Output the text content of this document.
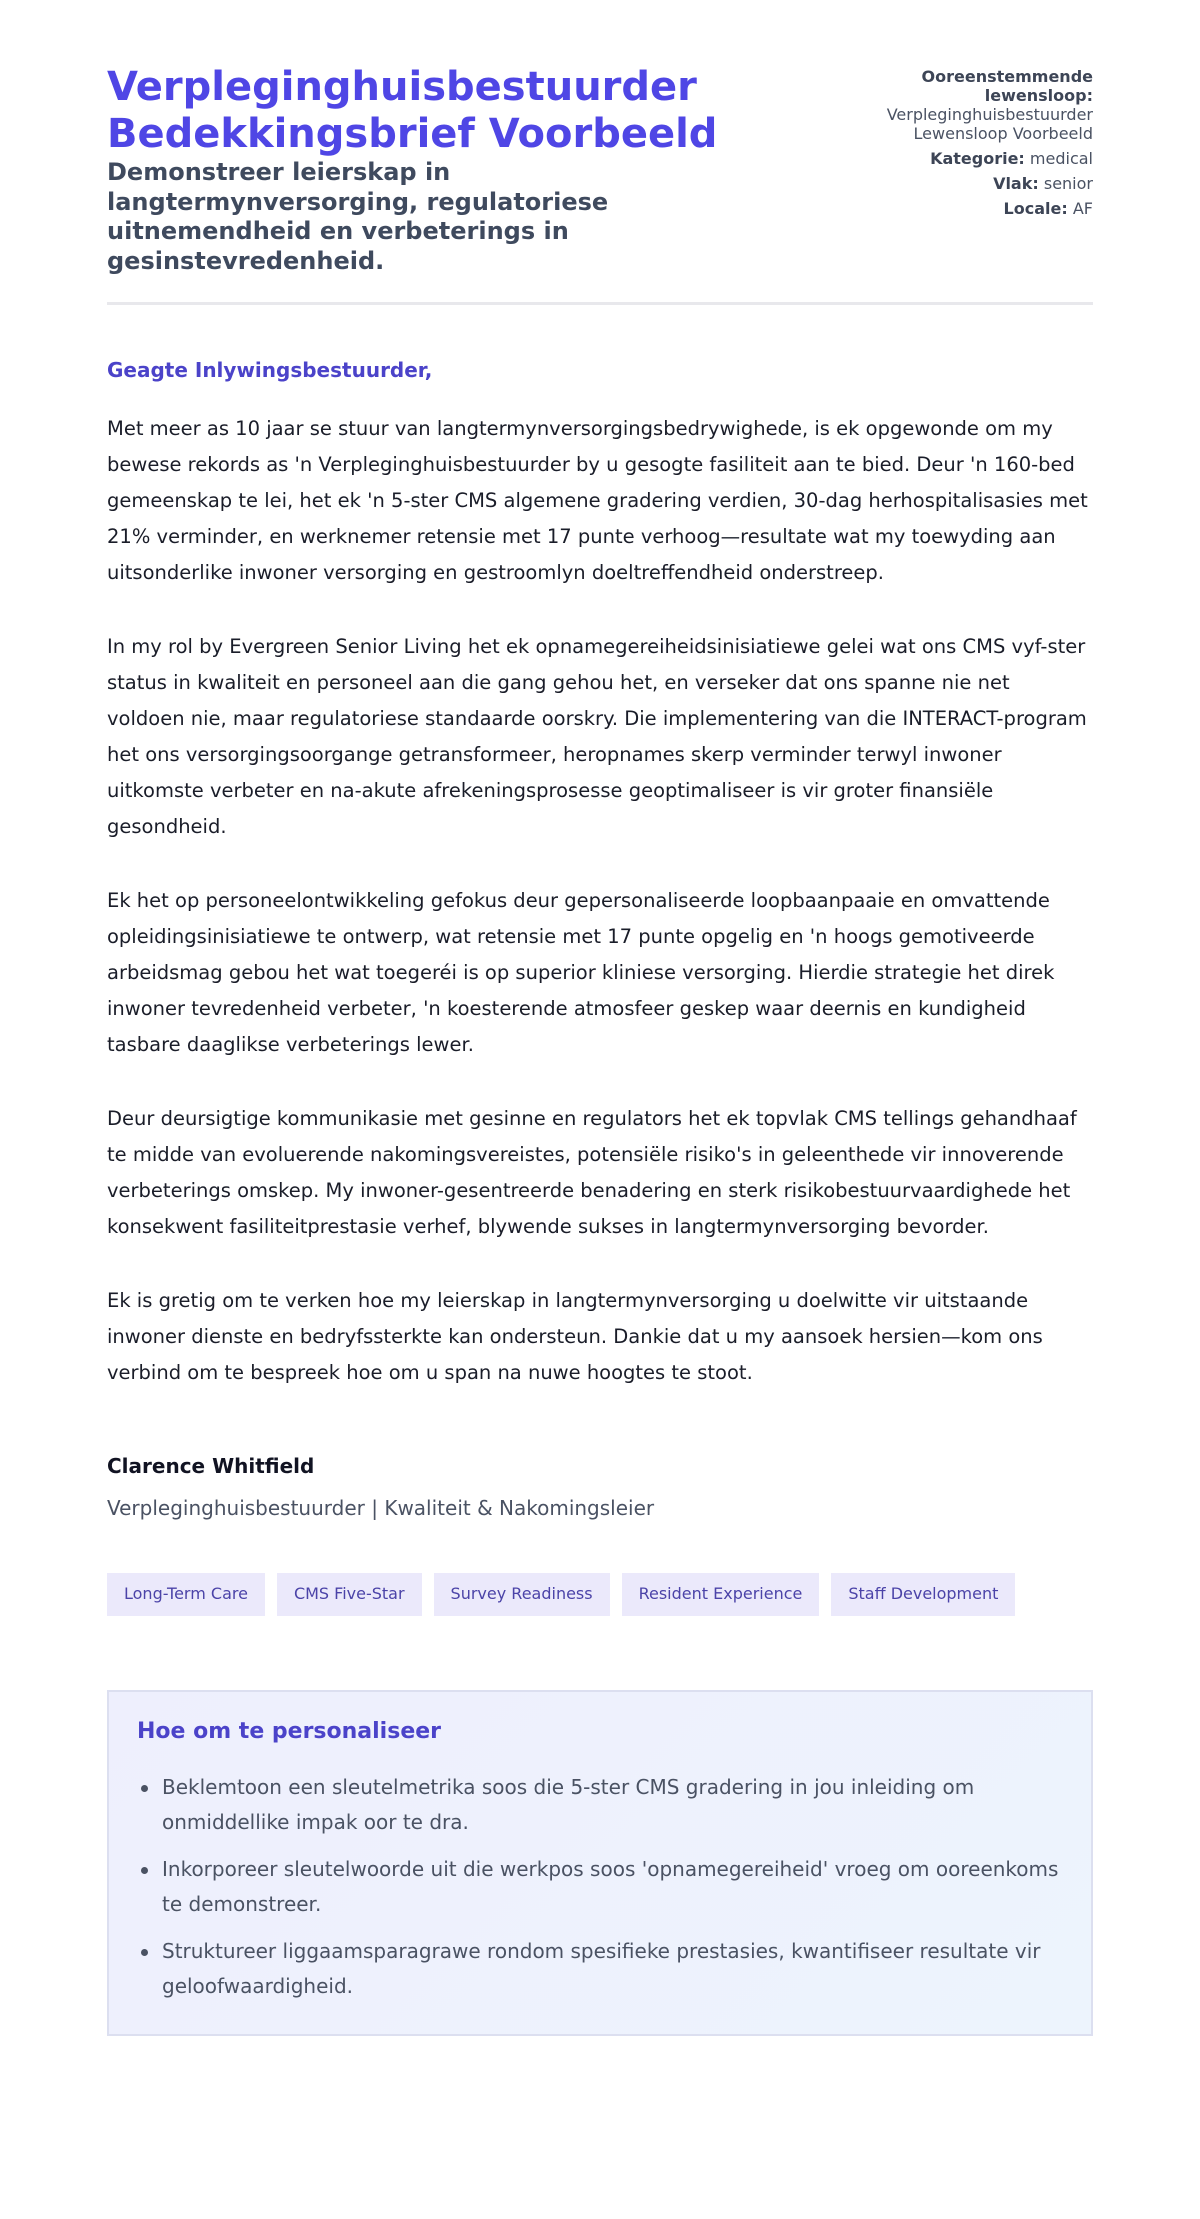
Verpleginghuisbestuurder
Bedekkingsbrief Voorbeeld
Demonstreer leierskap in langtermynversorging, regulatoriese uitnemendheid en verbeterings in gesinstevredenheid.
Ooreenstemmende lewensloop: Verpleginghuisbestuurder Lewensloop Voorbeeld
Kategorie: medical
Vlak: senior
Locale: AF

Geagte Inlywingsbestuurder,

Met meer as 10 jaar se stuur van langtermynversorgingsbedrywighede, is ek opgewonde om my bewese rekords as 'n Verpleginghuisbestuurder by u gesogte fasiliteit aan te bied. Deur 'n 160-bed gemeenskap te lei, het ek 'n 5-ster CMS algemene gradering verdien, 30-dag herhospitalisasies met 21% verminder, en werknemer retensie met 17 punte verhoog—resultate wat my toewyding aan uitsonderlike inwoner versorging en gestroomlyn doeltreffendheid onderstreep.

In my rol by Evergreen Senior Living het ek opnamegereiheidsinisiatiewe gelei wat ons CMS vyf-ster status in kwaliteit en personeel aan die gang gehou het, en verseker dat ons spanne nie net voldoen nie, maar regulatoriese standaarde oorskry. Die implementering van die INTERACT-program het ons versorgingsoorgange getransformeer, heropnames skerp verminder terwyl inwoner uitkomste verbeter en na-akute afrekeningsprosesse geoptimaliseer is vir groter finansiële gesondheid.

Ek het op personeelontwikkeling gefokus deur gepersonaliseerde loopbaanpaaie en omvattende opleidingsinisiatiewe te ontwerp, wat retensie met 17 punte opgelig en 'n hoogs gemotiveerde arbeidsmag gebou het wat toegeréi is op superior kliniese versorging. Hierdie strategie het direk inwoner tevredenheid verbeter, 'n koesterende atmosfeer geskep waar deernis en kundigheid tasbare daaglikse verbeterings lewer.

Deur deursigtige kommunikasie met gesinne en regulators het ek topvlak CMS tellings gehandhaaf te midde van evoluerende nakomingsvereistes, potensiële risiko's in geleenthede vir innoverende verbeterings omskep. My inwoner-gesentreerde benadering en sterk risikobestuurvaardighede het konsekwent fasiliteitprestasie verhef, blywende sukses in langtermynversorging bevorder.

Ek is gretig om te verken hoe my leierskap in langtermynversorging u doelwitte vir uitstaande inwoner dienste en bedryfssterkte kan ondersteun. Dankie dat u my aansoek hersien—kom ons verbind om te bespreek hoe om u span na nuwe hoogtes te stoot.

Clarence Whitfield
Verpleginghuisbestuurder | Kwaliteit & Nakomingsleier
Long-Term Care	CMS Five-Star	Survey Readiness	Resident Experience	Staff Development
Hoe om te personaliseer
Beklemtoon een sleutelmetrika soos die 5-ster CMS gradering in jou inleiding om onmiddellike impak oor te dra.
Inkorporeer sleutelwoorde uit die werkpos soos 'opnamegereiheid' vroeg om ooreenkoms te demonstreer.
Struktureer liggaamsparagrawe rondom spesifieke prestasies, kwantifiseer resultate vir geloofwaardigheid.
